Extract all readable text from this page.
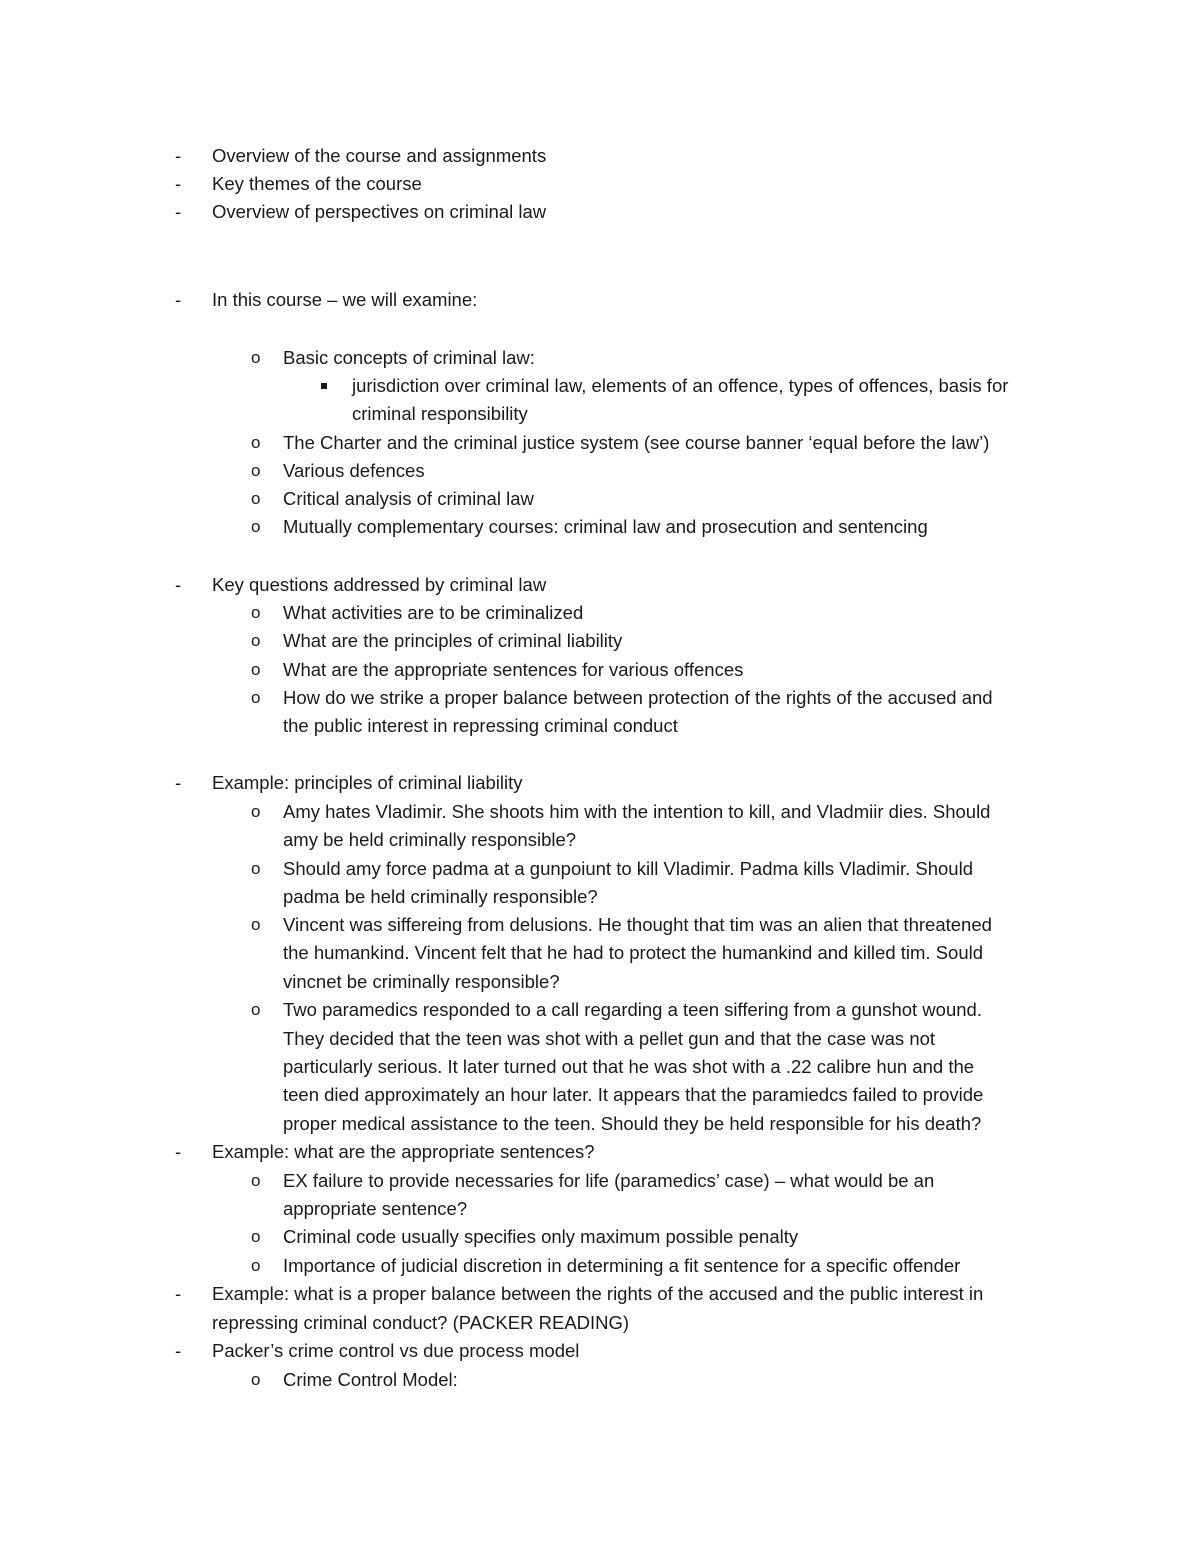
- Overview of the course and assignments
- Key themes of the course
- Overview of perspectives on criminal law
- In this course – we will examine:
o Basic concepts of criminal law:
jurisdiction over criminal law, elements of an offence, types of offences, basis for
criminal responsibility
o The Charter and the criminal justice system (see course banner ‘equal before the law’)
o Various defences
o Critical analysis of criminal law
o Mutually complementary courses: criminal law and prosecution and sentencing
- Key questions addressed by criminal law
o What activities are to be criminalized
o What are the principles of criminal liability
o What are the appropriate sentences for various offences
o How do we strike a proper balance between protection of the rights of the accused and
the public interest in repressing criminal conduct
- Example: principles of criminal liability
o Amy hates Vladimir. She shoots him with the intention to kill, and Vladmiir dies. Should
amy be held criminally responsible?
o Should amy force padma at a gunpoiunt to kill Vladimir. Padma kills Vladimir. Should
padma be held criminally responsible?
o Vincent was siffereing from delusions. He thought that tim was an alien that threatened
the humankind. Vincent felt that he had to protect the humankind and killed tim. Sould
vincnet be criminally responsible?
o Two paramedics responded to a call regarding a teen siffering from a gunshot wound.
They decided that the teen was shot with a pellet gun and that the case was not
particularly serious. It later turned out that he was shot with a .22 calibre hun and the
teen died approximately an hour later. It appears that the paramiedcs failed to provide
proper medical assistance to the teen. Should they be held responsible for his death?
- Example: what are the appropriate sentences?
o EX failure to provide necessaries for life (paramedics’ case) – what would be an
appropriate sentence?
o Criminal code usually specifies only maximum possible penalty
o Importance of judicial discretion in determining a fit sentence for a specific offender
- Example: what is a proper balance between the rights of the accused and the public interest in
repressing criminal conduct? (PACKER READING)
- Packer’s crime control vs due process model
o Crime Control Model:
